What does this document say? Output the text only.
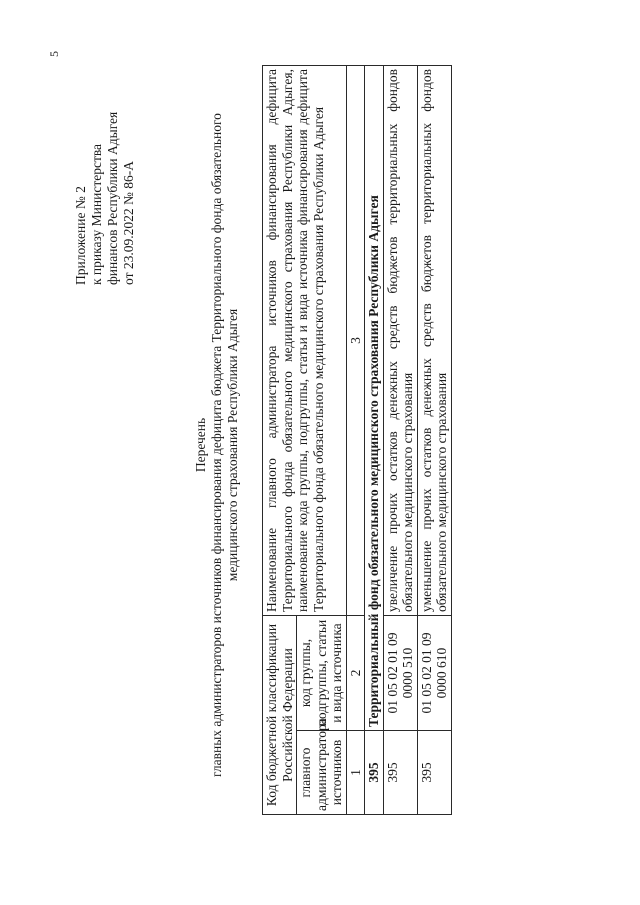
5
Приложение № 2 к приказу Министерства финансов Республики Адыгея от 23.09.2022 № 86-А
Перечень главных администраторов источников финансирования дефицита бюджета Территориального фонда обязательного медицинского страхования Республики Адыгея
Код бюджетной классификации Российской Федерации		Наименование главного администратора источников финансирования дефицита Территориального фонда обязательного медицинского страхования Республики Адыгея, наименование кода группы, подгруппы, статьи и вида источника финансирования дефицита Территориального фонда обязательного медицинского страхования Республики Адыгея
главного администратора источников	код группы, подгруппы, статьи и вида источника	
1	2	3
395	Территориальный фонд обязательного медицинского страхования Республики Адыгея	
395	01 05 02 01 09 0000 510	увеличение прочих остатков денежных средств бюджетов территориальных фондов обязательного медицинского страхования
395	01 05 02 01 09 0000 610	уменьшение прочих остатков денежных средств бюджетов территориальных фондов обязательного медицинского страхования
